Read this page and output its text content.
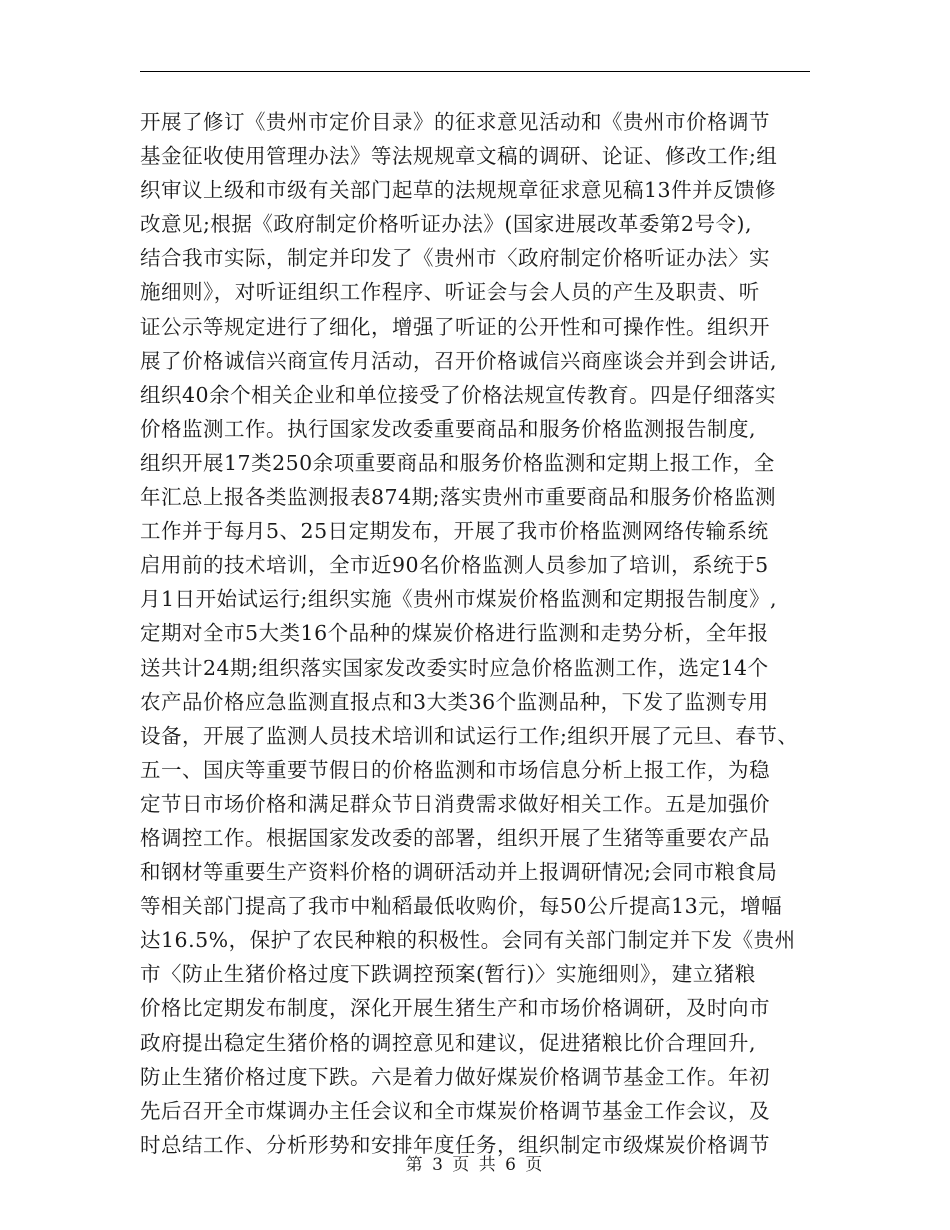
开展了修订《贵州市定价目录》的征求意见活动和《贵州市价格调节
基金征收使用管理办法》等法规规章文稿的调研、论证、修改工作;组
织审议上级和市级有关部门起草的法规规章征求意见稿13件并反馈修
改意见;根据《政府制定价格听证办法》(国家进展改革委第2号令),
结合我市实际，制定并印发了《贵州市〈政府制定价格听证办法〉实
施细则》，对听证组织工作程序、听证会与会人员的产生及职责、听
证公示等规定进行了细化，增强了听证的公开性和可操作性。组织开
展了价格诚信兴商宣传月活动，召开价格诚信兴商座谈会并到会讲话,
组织40余个相关企业和单位接受了价格法规宣传教育。四是仔细落实
价格监测工作。执行国家发改委重要商品和服务价格监测报告制度,
组织开展17类250余项重要商品和服务价格监测和定期上报工作，全
年汇总上报各类监测报表874期;落实贵州市重要商品和服务价格监测
工作并于每月5、25日定期发布，开展了我市价格监测网络传输系统
启用前的技术培训，全市近90名价格监测人员参加了培训，系统于5
月1日开始试运行;组织实施《贵州市煤炭价格监测和定期报告制度》,
定期对全市5大类16个品种的煤炭价格进行监测和走势分析，全年报
送共计24期;组织落实国家发改委实时应急价格监测工作，选定14个
农产品价格应急监测直报点和3大类36个监测品种，下发了监测专用
设备，开展了监测人员技术培训和试运行工作;组织开展了元旦、春节、
五一、国庆等重要节假日的价格监测和市场信息分析上报工作，为稳
定节日市场价格和满足群众节日消费需求做好相关工作。五是加强价
格调控工作。根据国家发改委的部署，组织开展了生猪等重要农产品
和钢材等重要生产资料价格的调研活动并上报调研情况;会同市粮食局
等相关部门提高了我市中籼稻最低收购价，每50公斤提高13元，增幅
达16.5%，保护了农民种粮的积极性。会同有关部门制定并下发《贵州
市〈防止生猪价格过度下跌调控预案(暂行)〉实施细则》，建立猪粮
价格比定期发布制度，深化开展生猪生产和市场价格调研，及时向市
政府提出稳定生猪价格的调控意见和建议，促进猪粮比价合理回升,
防止生猪价格过度下跌。六是着力做好煤炭价格调节基金工作。年初
先后召开全市煤调办主任会议和全市煤炭价格调节基金工作会议，及
时总结工作、分析形势和安排年度任务，组织制定市级煤炭价格调节
第 3 页 共 6 页
